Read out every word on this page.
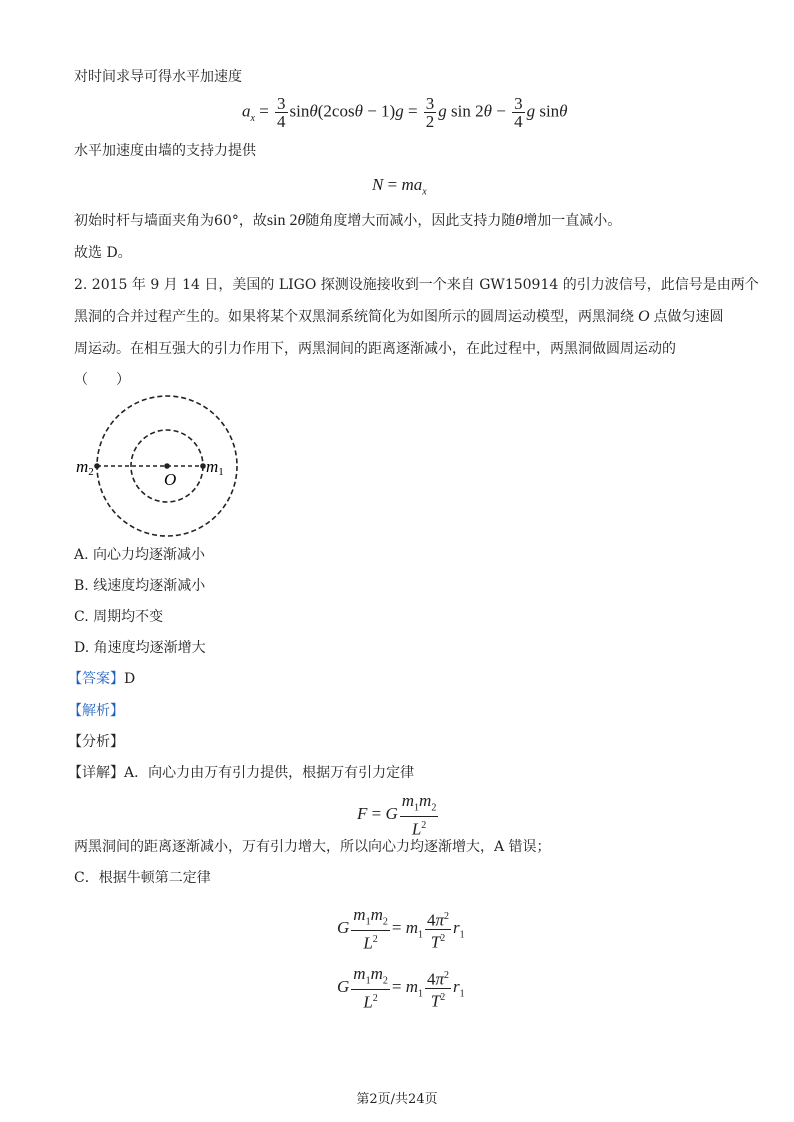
对时间求导可得水平加速度
$a_x = \frac{3}{4} \sin\theta(2\cos\theta - 1)g = \frac{3}{2}$ g $\sin 2\theta - \frac{3}{4}$ g sinθ
水平加速度由墙的支持力提供
$N = ma_x$
初始时杆与墙面夹角为60°，故sin 2θ随角度增大而减小，因此支持力随θ增加一直减小。
故选 D。
2. 2015 年 9 月 14 日，美国的 LIGO 探测设施接收到一个来自 GW150914 的引力波信号，此信号是由两个
黑洞的合并过程产生的。如果将某个双黑洞系统简化为如图所示的圆周运动模型，两黑洞绕 O 点做匀速圆
周运动。在相互强大的引力作用下，两黑洞间的距离逐渐减小，在此过程中，两黑洞做圆周运动的
（　　）
m2	m1
O
A. 向心力均逐渐减小
B. 线速度均逐渐减小
C. 周期均不变
D. 角速度均逐渐增大
【答案】D
【解析】
【分析】
【详解】A．向心力由万有引力提供，根据万有引力定律
F = G $\frac{m_1m_2}{L^2}$
两黑洞间的距离逐渐减小，万有引力增大，所以向心力均逐渐增大，A 错误；
C．根据牛顿第二定律
G $\frac{m_1m_2}{L^2} = m_1 \frac{4\pi^2}{T^2} r_1$
G $\frac{m_1m_2}{L^2} = m_1 \frac{4\pi^2}{T^2} r_1$
第2页/共24页
